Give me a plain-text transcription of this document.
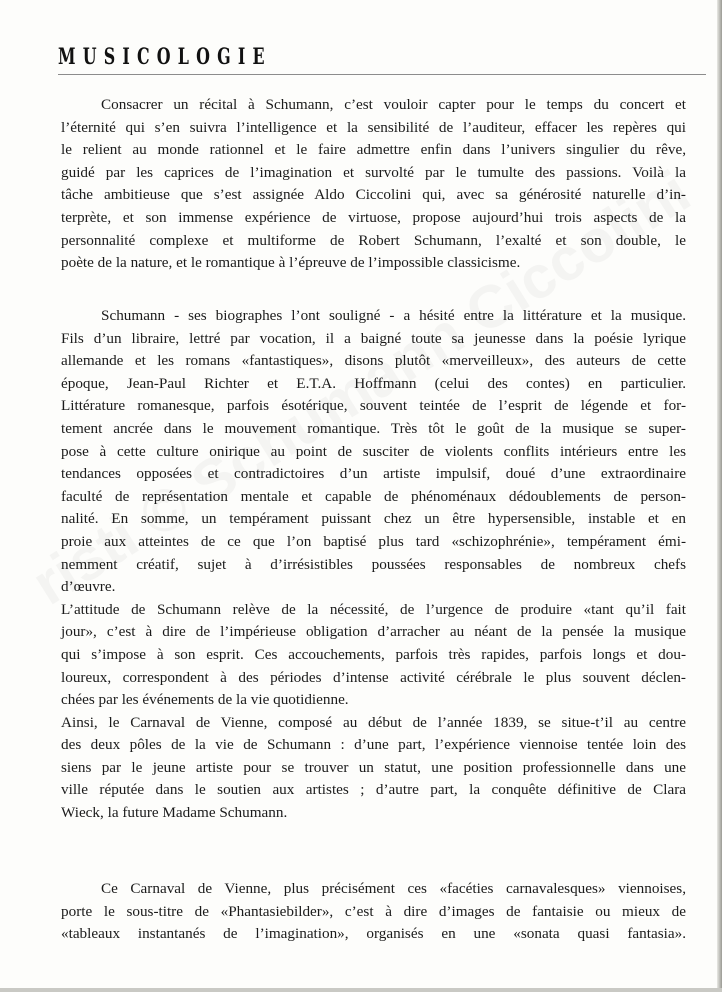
MUSICOLOGIE

Consacrer un récital à Schumann, c’est vouloir capter pour le temps du concert et

l’éternité qui s’en suivra l’intelligence et la sensibilité de l’auditeur, effacer les repères qui

le relient au monde rationnel et le faire admettre enfin dans l’univers singulier du rêve,

guidé par les caprices de l’imagination et survolté par le tumulte des passions. Voilà la

tâche ambitieuse que s’est assignée Aldo Ciccolini qui, avec sa générosité naturelle d’in-

terprète, et son immense expérience de virtuose, propose aujourd’hui trois aspects de la

personnalité complexe et multiforme de Robert Schumann, l’exalté et son double, le

poète de la nature, et le romantique à l’épreuve de l’impossible classicisme.

Schumann - ses biographes l’ont souligné - a hésité entre la littérature et la musique.

Fils d’un libraire, lettré par vocation, il a baigné toute sa jeunesse dans la poésie lyrique

allemande et les romans «fantastiques», disons plutôt «merveilleux», des auteurs de cette

époque, Jean-Paul Richter et E.T.A. Hoffmann (celui des contes) en particulier.

Littérature romanesque, parfois ésotérique, souvent teintée de l’esprit de légende et for-

tement ancrée dans le mouvement romantique. Très tôt le goût de la musique se super-

pose à cette culture onirique au point de susciter de violents conflits intérieurs entre les

tendances opposées et contradictoires d’un artiste impulsif, doué d’une extraordinaire

faculté de représentation mentale et capable de phénoménaux dédoublements de person-

nalité. En somme, un tempérament puissant chez un être hypersensible, instable et en

proie aux atteintes de ce que l’on baptisé plus tard «schizophrénie», tempérament émi-

nemment créatif, sujet à d’irrésistibles poussées responsables de nombreux chefs

d’œuvre.

L’attitude de Schumann relève de la nécessité, de l’urgence de produire «tant qu’il fait

jour», c’est à dire de l’impérieuse obligation d’arracher au néant de la pensée la musique

qui s’impose à son esprit. Ces accouchements, parfois très rapides, parfois longs et dou-

loureux, correspondent à des périodes d’intense activité cérébrale le plus souvent déclen-

chées par les événements de la vie quotidienne.

Ainsi, le Carnaval de Vienne, composé au début de l’année 1839, se situe-t’il au centre

des deux pôles de la vie de Schumann : d’une part, l’expérience viennoise tentée loin des

siens par le jeune artiste pour se trouver un statut, une position professionnelle dans une

ville réputée dans le soutien aux artistes ; d’autre part, la conquête définitive de Clara

Wieck, la future Madame Schumann.

Ce Carnaval de Vienne, plus précisément ces «facéties carnavalesques» viennoises,

porte le sous-titre de «Phantasiebilder», c’est à dire d’images de fantaisie ou mieux de

«tableaux instantanés de l’imagination», organisés en une «sonata quasi fantasia».
